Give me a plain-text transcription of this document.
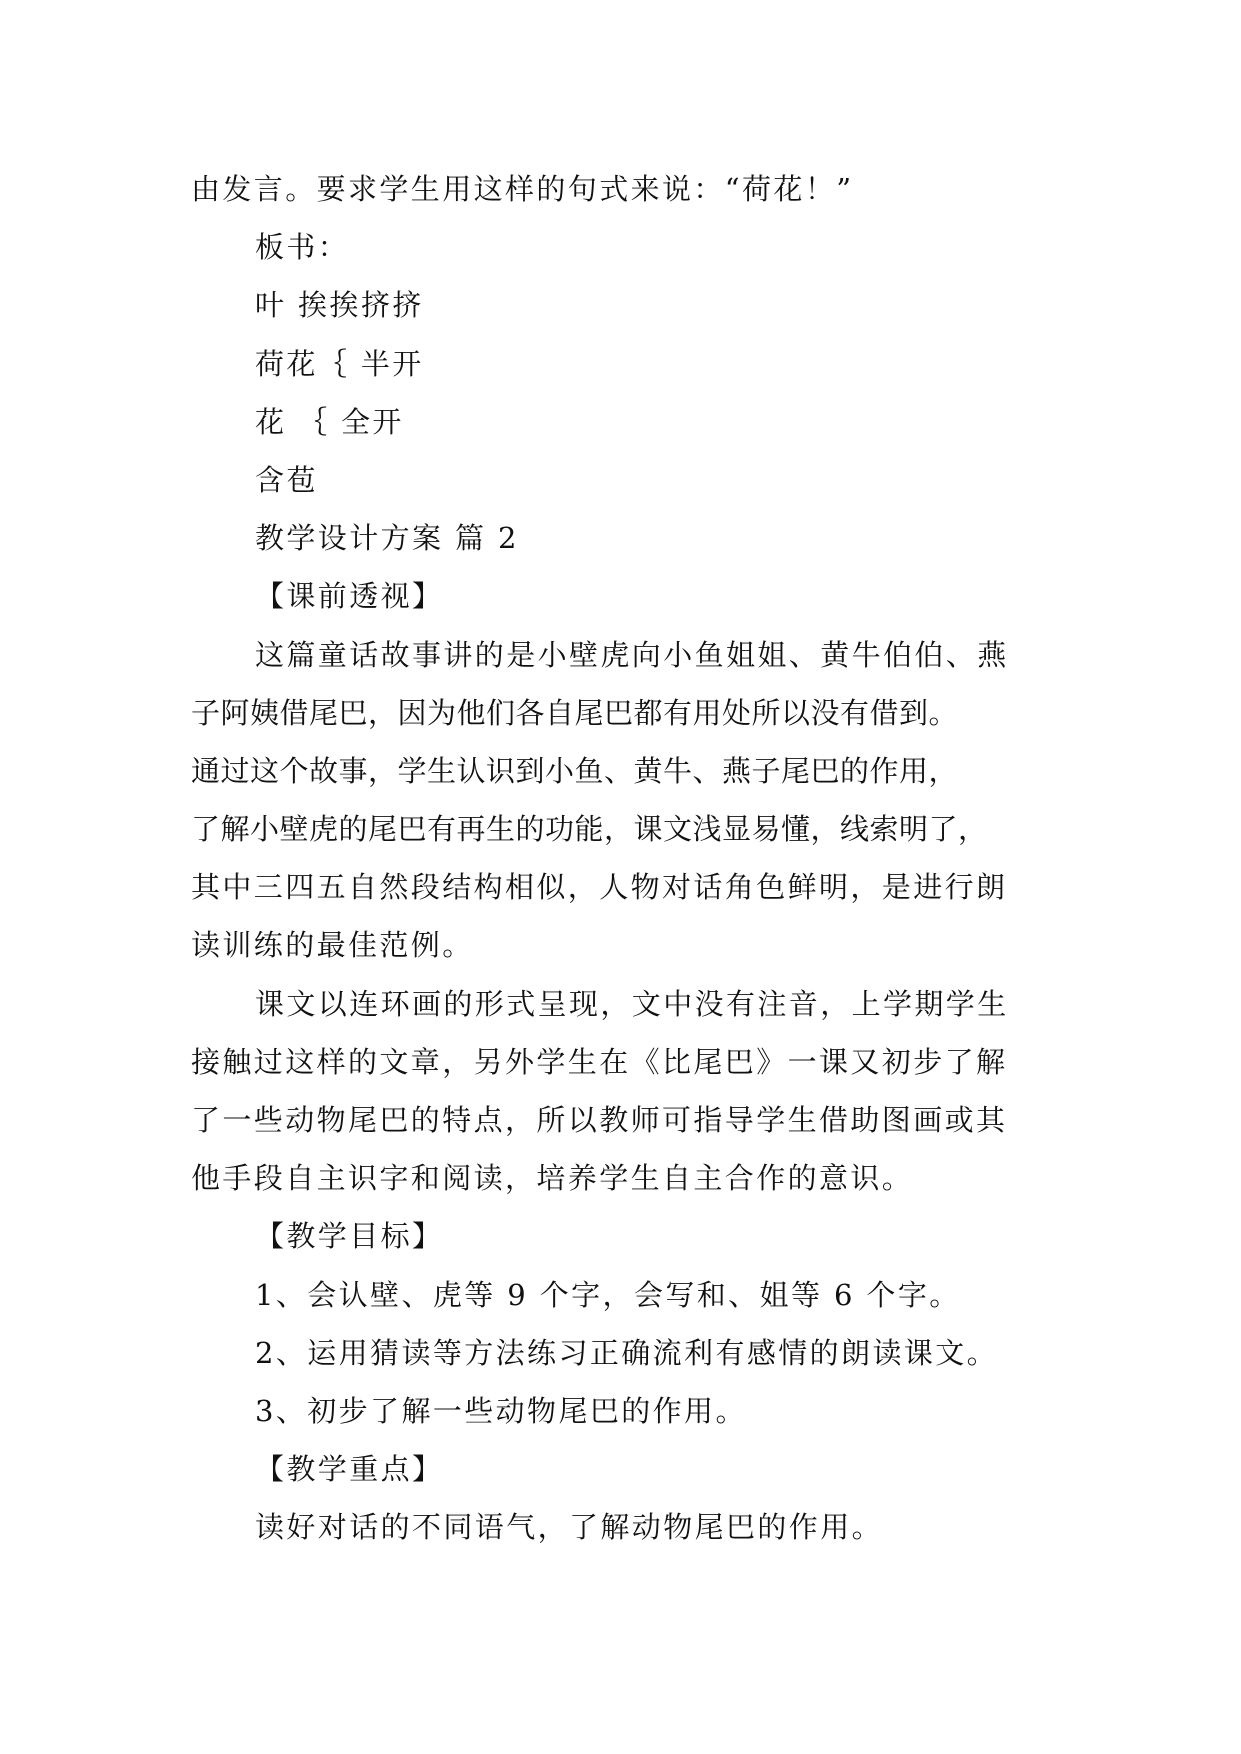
由发言。要求学生用这样的句式来说：“荷花！”
板书：
叶 挨挨挤挤
荷花｛ 半开
花 ｛ 全开
含苞
教学设计方案 篇 2
【课前透视】
这篇童话故事讲的是小壁虎向小鱼姐姐、黄牛伯伯、燕
子阿姨借尾巴，因为他们各自尾巴都有用处所以没有借到。
通过这个故事，学生认识到小鱼、黄牛、燕子尾巴的作用，
了解小壁虎的尾巴有再生的功能，课文浅显易懂，线索明了，
其中三四五自然段结构相似，人物对话角色鲜明，是进行朗
读训练的最佳范例。
课文以连环画的形式呈现，文中没有注音，上学期学生
接触过这样的文章，另外学生在《比尾巴》一课又初步了解
了一些动物尾巴的特点，所以教师可指导学生借助图画或其
他手段自主识字和阅读，培养学生自主合作的意识。
【教学目标】
1、会认壁、虎等 9 个字，会写和、姐等 6 个字。
2、运用猜读等方法练习正确流利有感情的朗读课文。
3、初步了解一些动物尾巴的作用。
【教学重点】
读好对话的不同语气，了解动物尾巴的作用。
